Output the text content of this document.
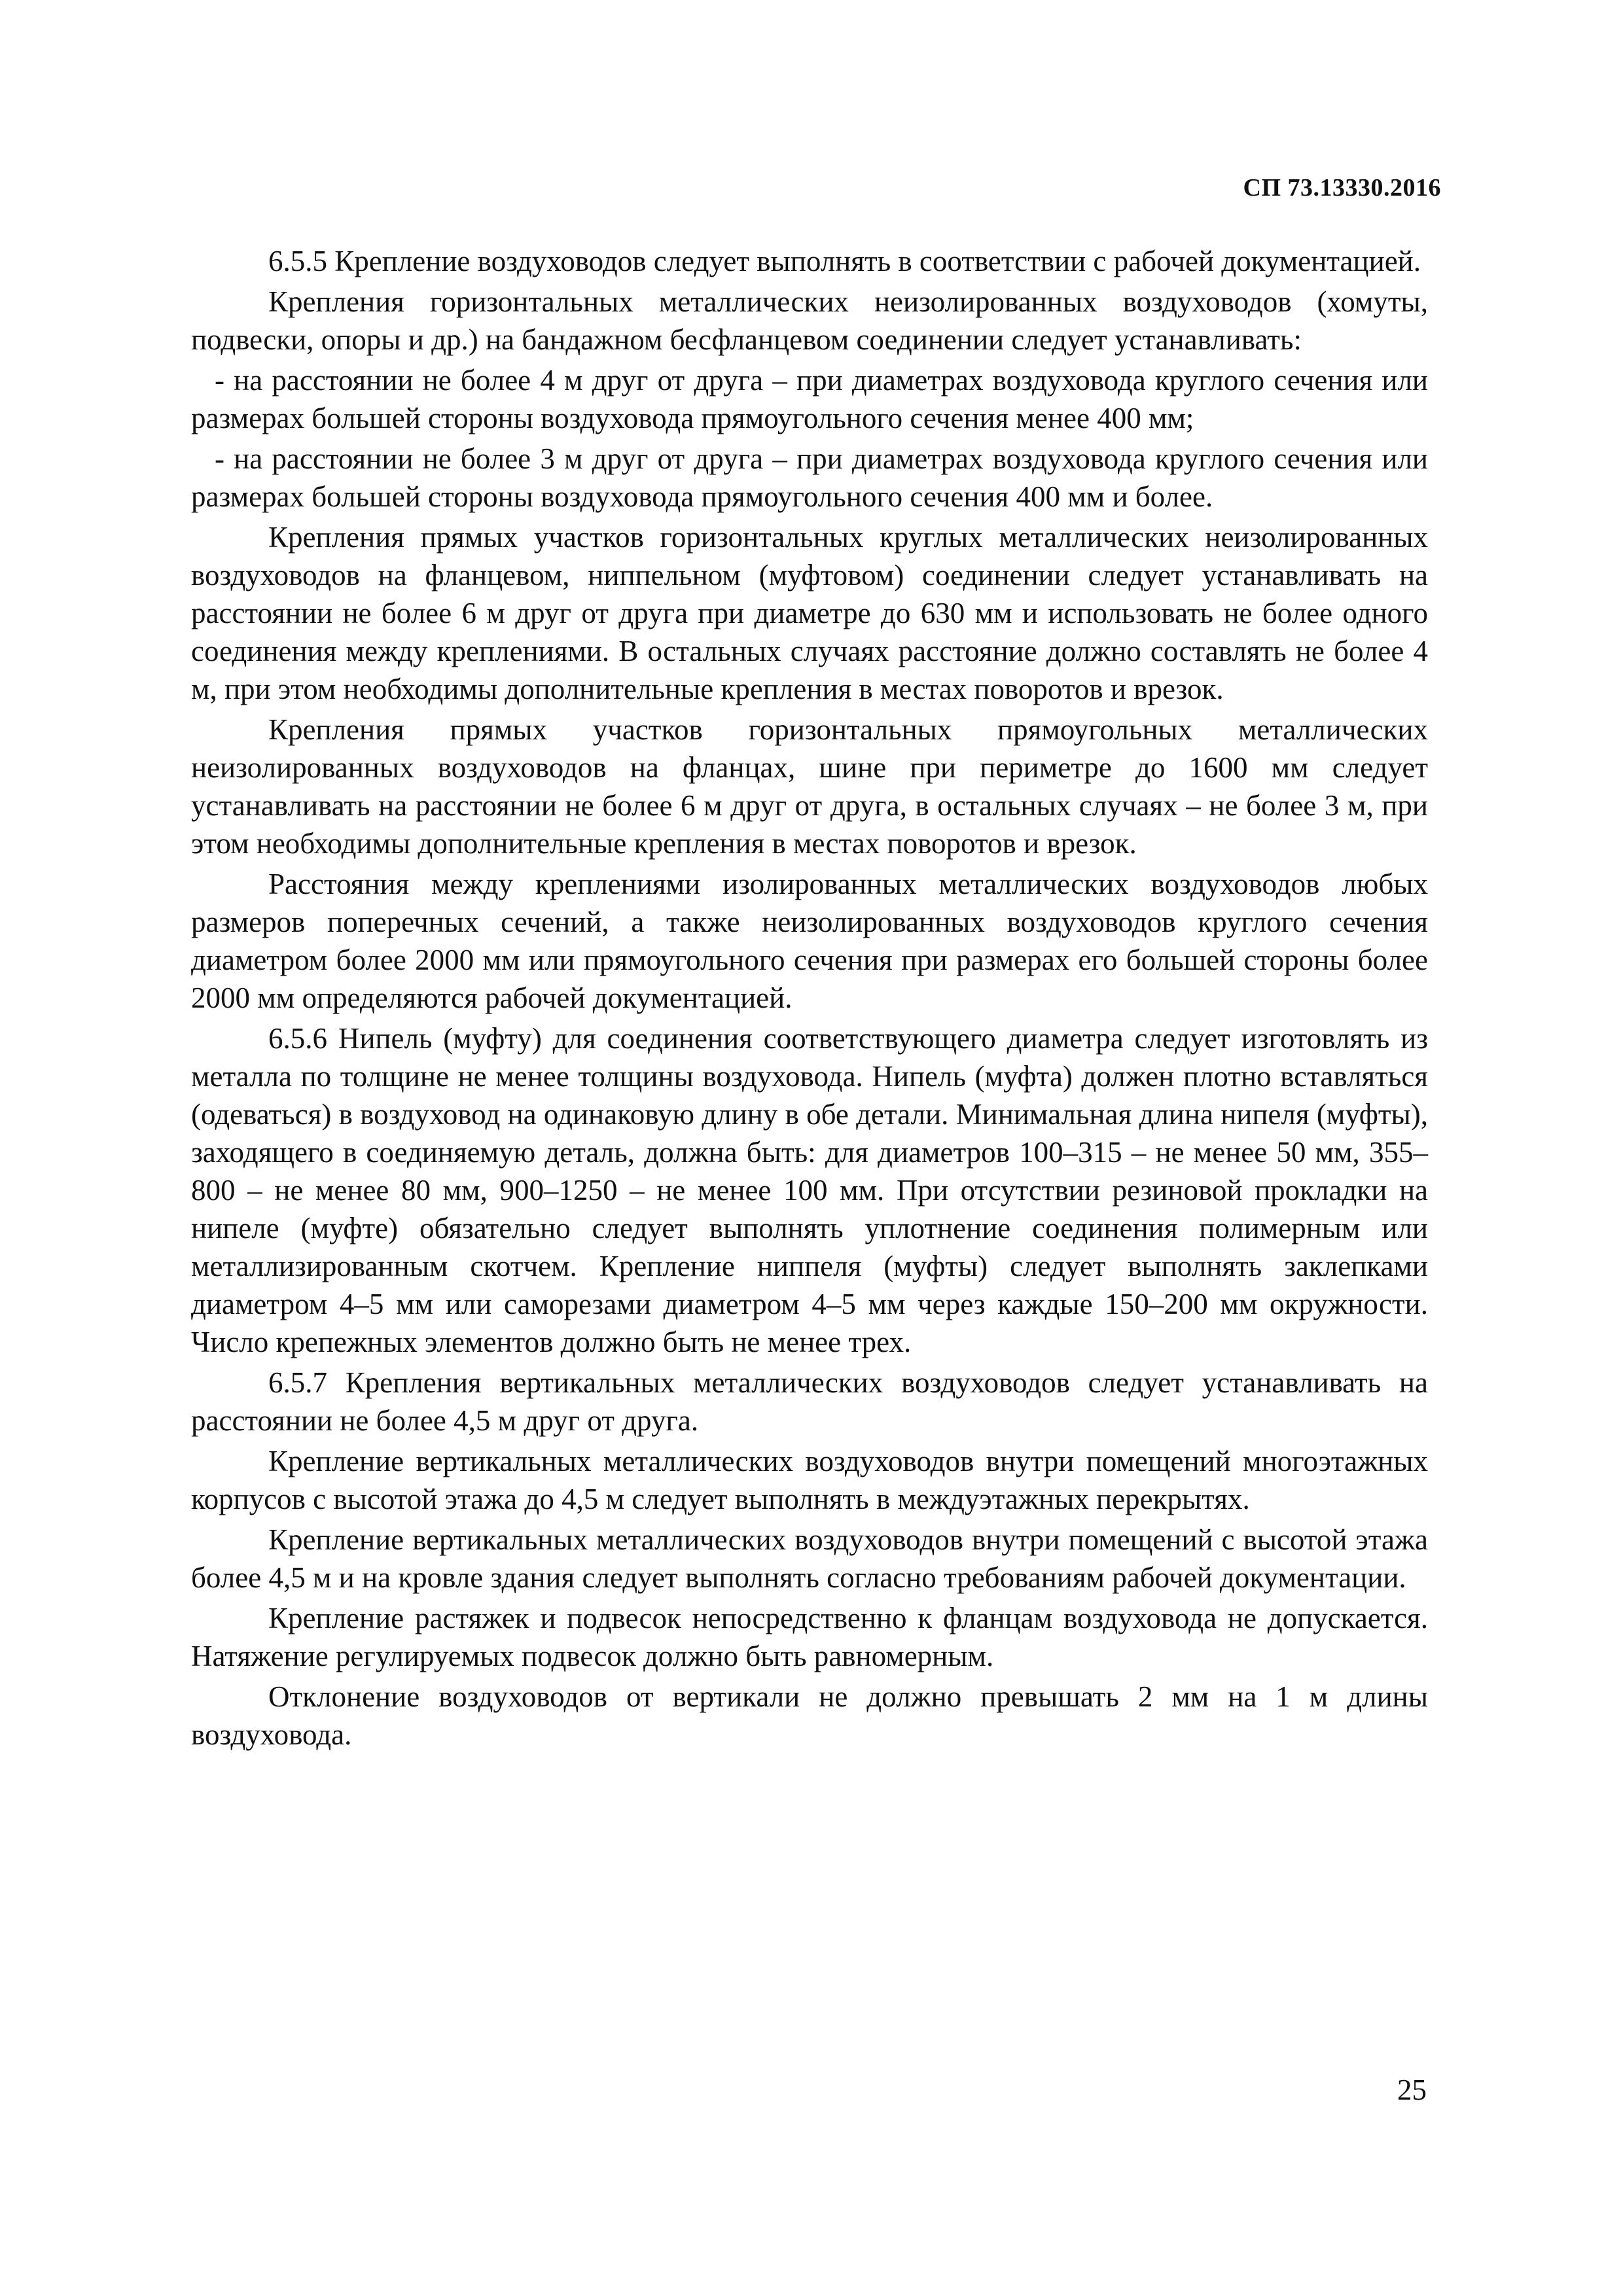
СП 73.13330.2016

6.5.5 Крепление воздуховодов следует выполнять в соответствии с рабочей документацией.

Крепления горизонтальных металлических неизолированных воздуховодов (хомуты, подвески, опоры и др.) на бандажном бесфланцевом соединении следует устанавливать:

- на расстоянии не более 4 м друг от друга – при диаметрах воздуховода круглого сечения или размерах большей стороны воздуховода прямоугольного сечения менее 400 мм;

- на расстоянии не более 3 м друг от друга – при диаметрах воздуховода круглого сечения или размерах большей стороны воздуховода прямоугольного сечения 400 мм и более.

Крепления прямых участков горизонтальных круглых металлических неизолированных воздуховодов на фланцевом, ниппельном (муфтовом) соединении следует устанавливать на расстоянии не более 6 м друг от друга при диаметре до 630 мм и использовать не более одного соединения между креплениями. В остальных случаях расстояние должно составлять не более 4 м, при этом необходимы дополнительные крепления в местах поворотов и врезок.

Крепления прямых участков горизонтальных прямоугольных металлических неизолированных воздуховодов на фланцах, шине при периметре до 1600 мм следует устанавливать на расстоянии не более 6 м друг от друга, в остальных случаях – не более 3 м, при этом необходимы дополнительные крепления в местах поворотов и врезок.

Расстояния между креплениями изолированных металлических воздуховодов любых размеров поперечных сечений, а также неизолированных воздуховодов круглого сечения диаметром более 2000 мм или прямоугольного сечения при размерах его большей стороны более 2000 мм определяются рабочей документацией.

6.5.6 Нипель (муфту) для соединения соответствующего диаметра следует изготовлять из металла по толщине не менее толщины воздуховода. Нипель (муфта) должен плотно вставляться (одеваться) в воздуховод на одинаковую длину в обе детали. Минимальная длина нипеля (муфты), заходящего в соединяемую деталь, должна быть: для диаметров 100–315 – не менее 50 мм, 355–800 – не менее 80 мм, 900–1250 – не менее 100 мм. При отсутствии резиновой прокладки на нипеле (муфте) обязательно следует выполнять уплотнение соединения полимерным или металлизированным скотчем. Крепление ниппеля (муфты) следует выполнять заклепками диаметром 4–5 мм или саморезами диаметром 4–5 мм через каждые 150–200 мм окружности. Число крепежных элементов должно быть не менее трех.

6.5.7 Крепления вертикальных металлических воздуховодов следует устанавливать на расстоянии не более 4,5 м друг от друга.

Крепление вертикальных металлических воздуховодов внутри помещений многоэтажных корпусов с высотой этажа до 4,5 м следует выполнять в междуэтажных перекрытях.

Крепление вертикальных металлических воздуховодов внутри помещений с высотой этажа более 4,5 м и на кровле здания следует выполнять согласно требованиям рабочей документации.

Крепление растяжек и подвесок непосредственно к фланцам воздуховода не допускается. Натяжение регулируемых подвесок должно быть равномерным.

Отклонение воздуховодов от вертикали не должно превышать 2 мм на 1 м длины воздуховода.

25
